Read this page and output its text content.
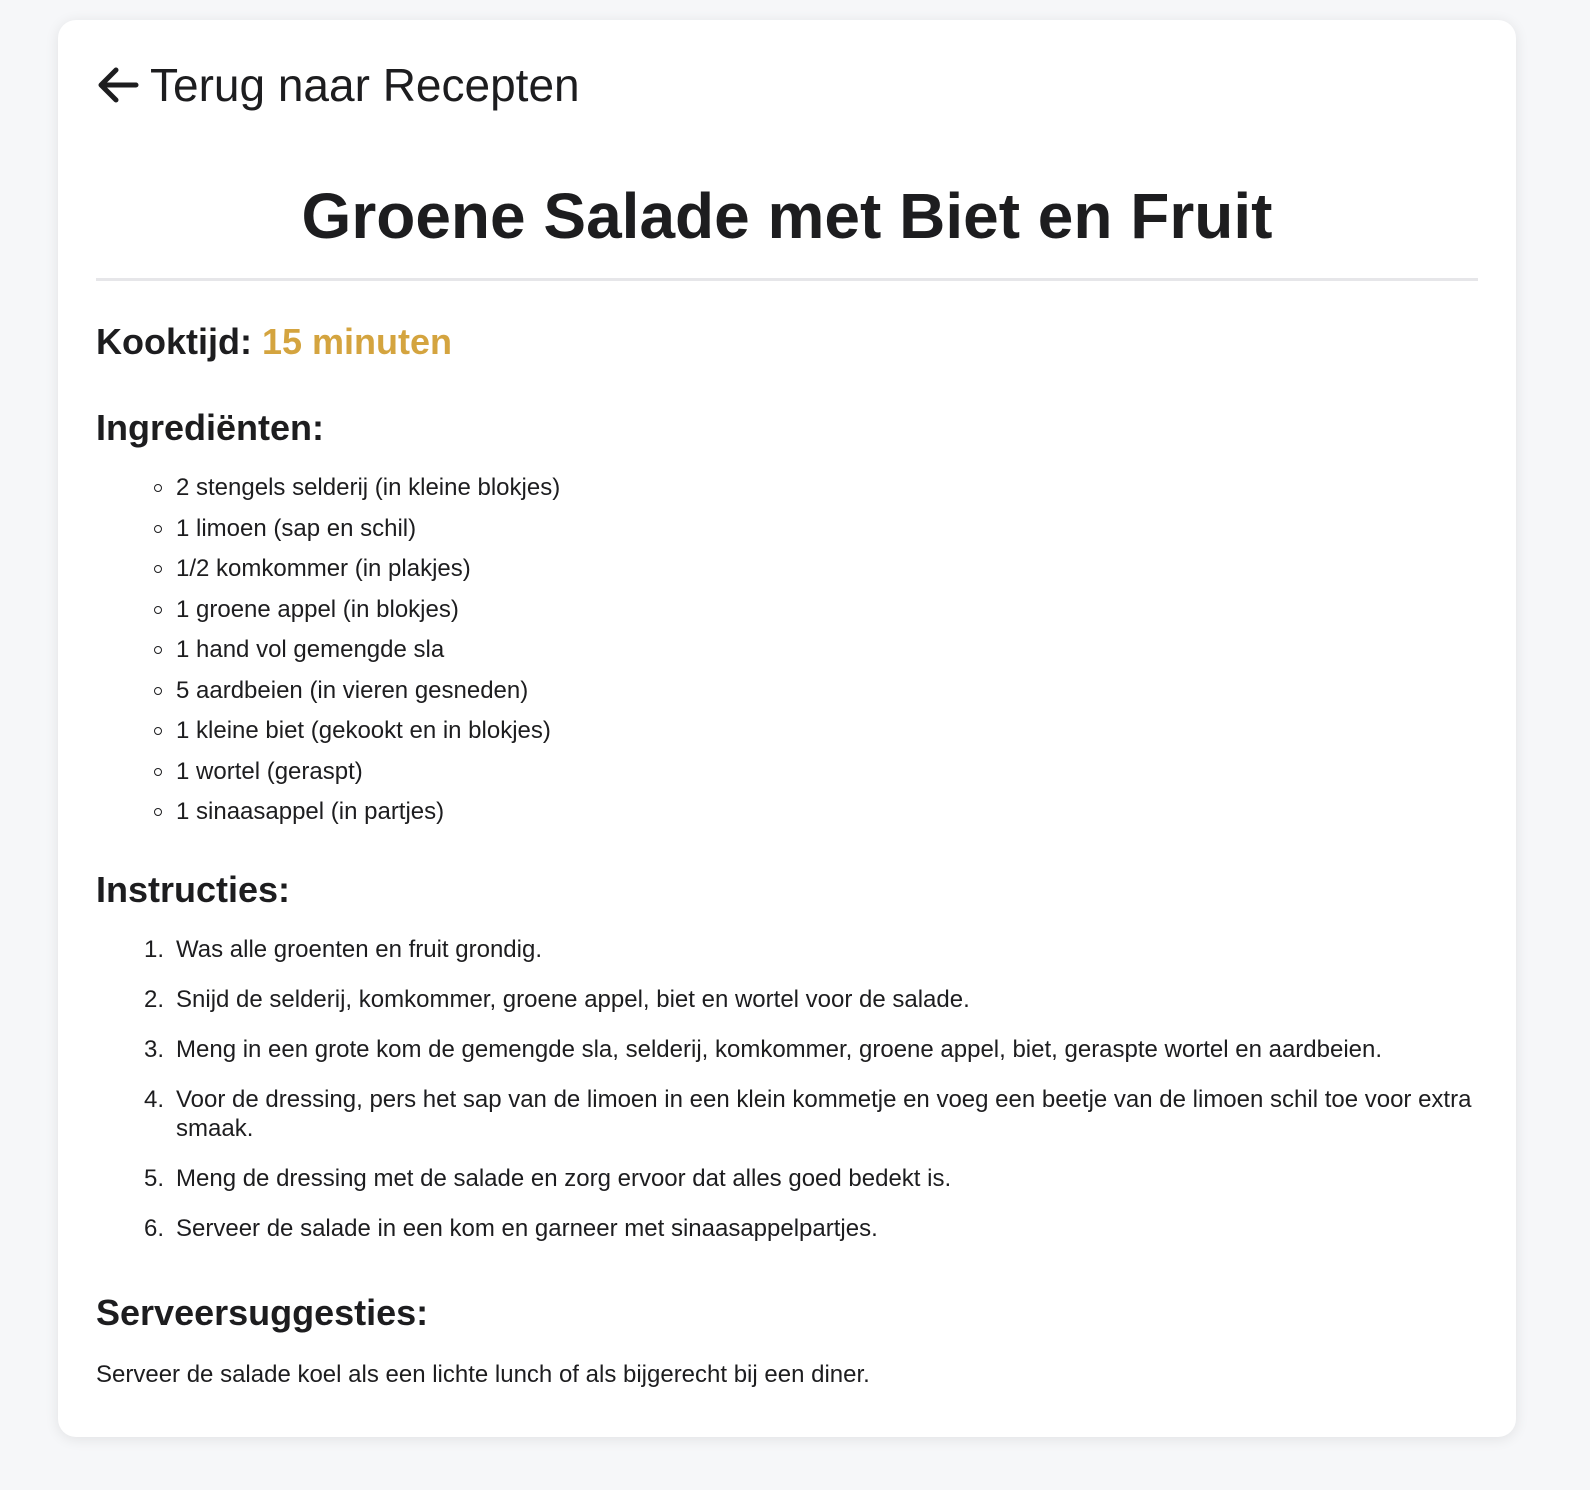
Terug naar Recepten
Groene Salade met Biet en Fruit

Kooktijd: 15 minuten

Ingrediënten:
2 stengels selderij (in kleine blokjes)
1 limoen (sap en schil)
1/2 komkommer (in plakjes)
1 groene appel (in blokjes)
1 hand vol gemengde sla
5 aardbeien (in vieren gesneden)
1 kleine biet (gekookt en in blokjes)
1 wortel (geraspt)
1 sinaasappel (in partjes)
Instructies:
Was alle groenten en fruit grondig.
Snijd de selderij, komkommer, groene appel, biet en wortel voor de salade.
Meng in een grote kom de gemengde sla, selderij, komkommer, groene appel, biet, geraspte wortel en aardbeien.
Voor de dressing, pers het sap van de limoen in een klein kommetje en voeg een beetje van de limoen schil toe voor extra smaak.
Meng de dressing met de salade en zorg ervoor dat alles goed bedekt is.
Serveer de salade in een kom en garneer met sinaasappelpartjes.
Serveersuggesties:

Serveer de salade koel als een lichte lunch of als bijgerecht bij een diner.
